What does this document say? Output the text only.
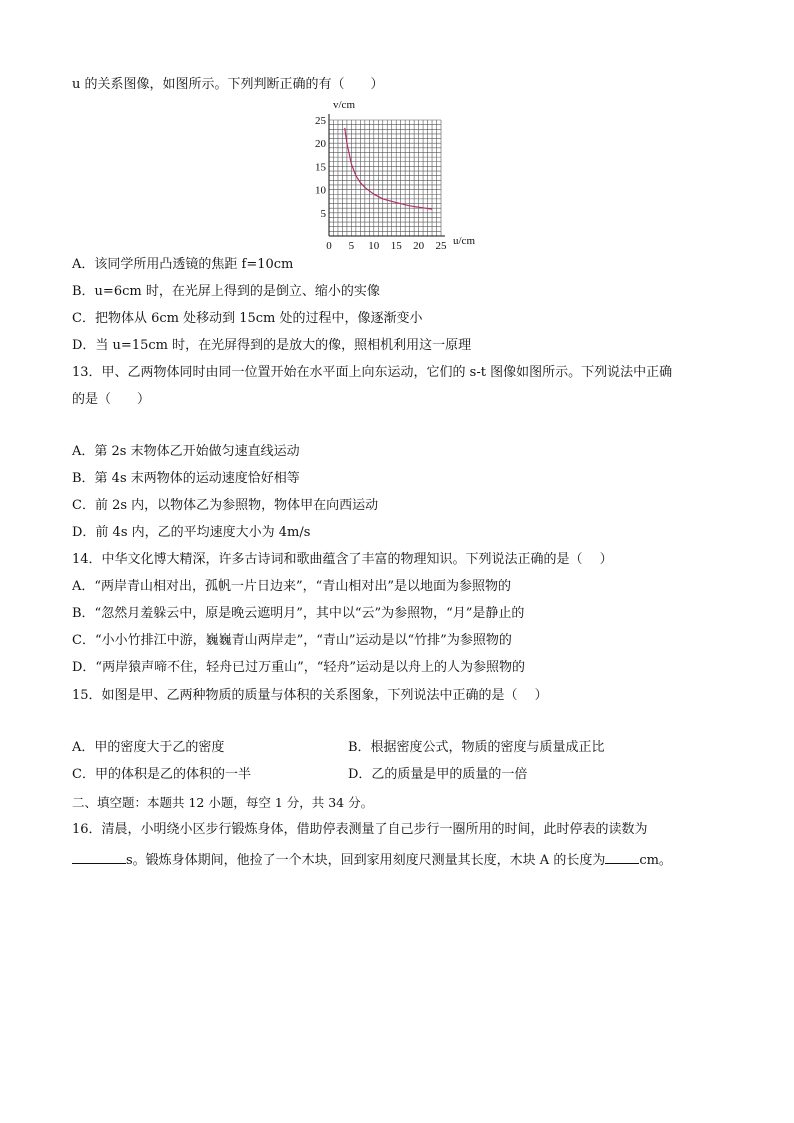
u 的关系图像，如图所示。下列判断正确的有（　　）
0 5 10 15 20 25
5
10
15
20
25
v/cm
u/cm
A．该同学所用凸透镜的焦距 f=10cm
B．u=6cm 时，在光屏上得到的是倒立、缩小的实像
C．把物体从 6cm 处移动到 15cm 处的过程中，像逐渐变小
D．当 u=15cm 时，在光屏得到的是放大的像，照相机利用这一原理
13．甲、乙两物体同时由同一位置开始在水平面上向东运动，它们的 s-t 图像如图所示。下列说法中正确
的是（　　）
A．第 2s 末物体乙开始做匀速直线运动
B．第 4s 末两物体的运动速度恰好相等
C．前 2s 内，以物体乙为参照物，物体甲在向西运动
D．前 4s 内，乙的平均速度大小为 4m/s
14．中华文化博大精深，许多古诗词和歌曲蕴含了丰富的物理知识。下列说法正确的是（　 ）
A．“两岸青山相对出，孤帆一片日边来”，“青山相对出”是以地面为参照物的
B．“忽然月羞躲云中，原是晚云遮明月”，其中以“云”为参照物，“月”是静止的
C．“小小竹排江中游，巍巍青山两岸走”，“青山”运动是以“竹排”为参照物的
D．“两岸猿声啼不住，轻舟已过万重山”，“轻舟”运动是以舟上的人为参照物的
15．如图是甲、乙两种物质的质量与体积的关系图象，下列说法中正确的是（　 ）
A．甲的密度大于乙的密度	B．根据密度公式，物质的密度与质量成正比
C．甲的体积是乙的体积的一半	D．乙的质量是甲的质量的一倍
二、填空题：本题共 12 小题，每空 1 分，共 34 分。
16．清晨，小明绕小区步行锻炼身体，借助停表测量了自己步行一圈所用的时间，此时停表的读数为
s。锻炼身体期间，他捡了一个木块，回到家用刻度尺测量其长度，木块 A 的长度为	cm。
